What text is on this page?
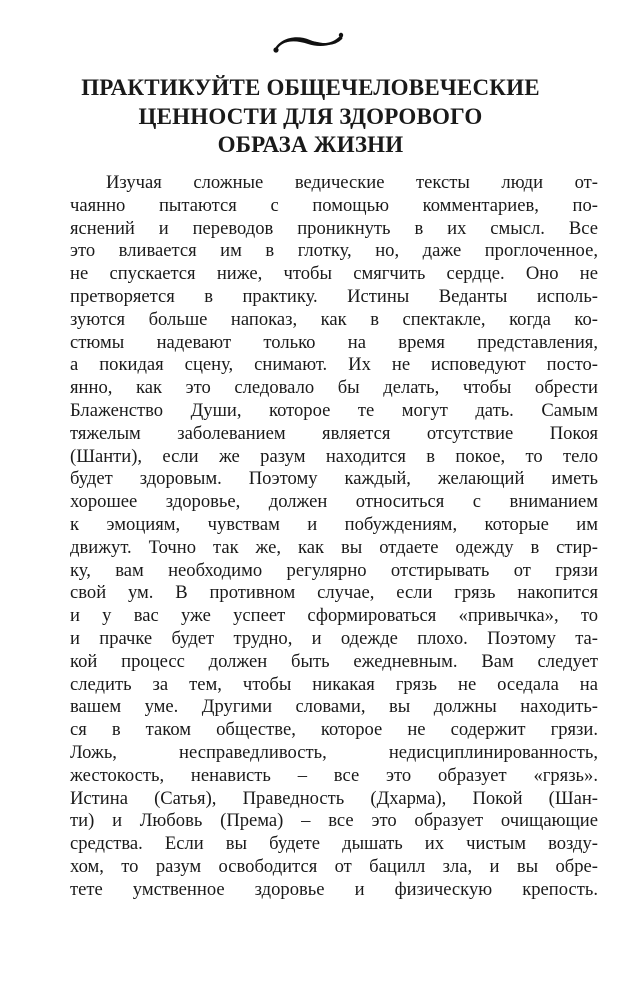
ПРАКТИКУЙТЕ ОБЩЕЧЕЛОВЕЧЕСКИЕ
ЦЕННОСТИ ДЛЯ ЗДОРОВОГО
ОБРАЗА ЖИЗНИ
Изучая сложные ведические тексты люди от-
чаянно пытаются с помощью комментариев, по-
яснений и переводов проникнуть в их смысл. Все
это вливается им в глотку, но, даже проглоченное,
не спускается ниже, чтобы смягчить сердце. Оно не
претворяется в практику. Истины Веданты исполь-
зуются больше напоказ, как в спектакле, когда ко-
стюмы надевают только на время представления,
а покидая сцену, снимают. Их не исповедуют посто-
янно, как это следовало бы делать, чтобы обрести
Блаженство Души, которое те могут дать. Самым
тяжелым заболеванием является отсутствие Покоя
(Шанти), если же разум находится в покое, то тело
будет здоровым. Поэтому каждый, желающий иметь
хорошее здоровье, должен относиться с вниманием
к эмоциям, чувствам и побуждениям, которые им
движут. Точно так же, как вы отдаете одежду в стир-
ку, вам необходимо регулярно отстирывать от грязи
свой ум. В противном случае, если грязь накопится
и у вас уже успеет сформироваться «привычка», то
и прачке будет трудно, и одежде плохо. Поэтому та-
кой процесс должен быть ежедневным. Вам следует
следить за тем, чтобы никакая грязь не оседала на
вашем уме. Другими словами, вы должны находить-
ся в таком обществе, которое не содержит грязи.
Ложь, несправедливость, недисциплинированность,
жестокость, ненависть – все это образует «грязь».
Истина (Сатья), Праведность (Дхарма), Покой (Шан-
ти) и Любовь (Према) – все это образует очищающие
средства. Если вы будете дышать их чистым возду-
хом, то разум освободится от бацилл зла, и вы обре-
тете умственное здоровье и физическую крепость.
